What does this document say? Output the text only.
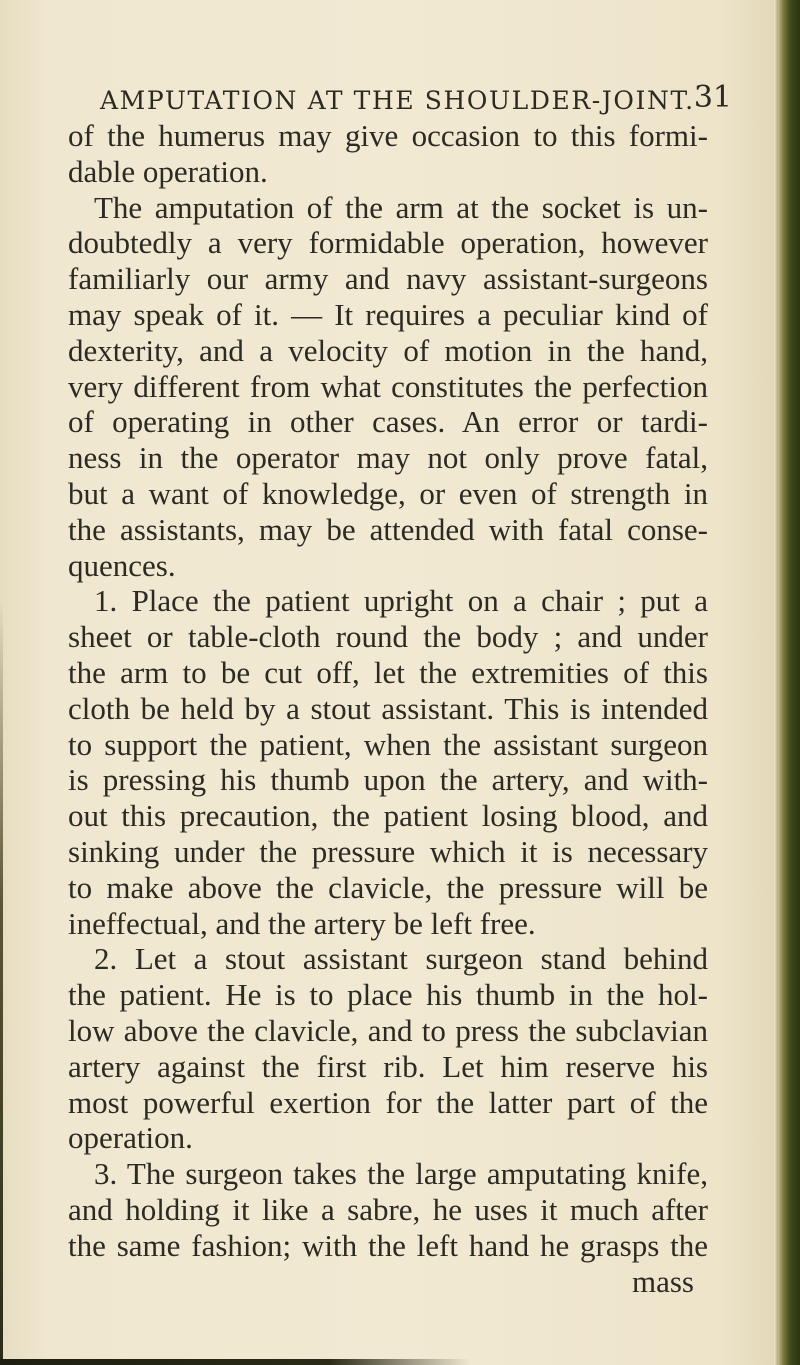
AMPUTATION AT THE SHOULDER-JOINT. 31
of the humerus may give occasion to this formi-
dable operation.
The amputation of the arm at the socket is un-
doubtedly a very formidable operation, however
familiarly our army and navy assistant-surgeons
may speak of it. — It requires a peculiar kind of
dexterity, and a velocity of motion in the hand,
very different from what constitutes the perfection
of operating in other cases. An error or tardi-
ness in the operator may not only prove fatal,
but a want of knowledge, or even of strength in
the assistants, may be attended with fatal conse-
quences.
1. Place the patient upright on a chair ; put a
sheet or table-cloth round the body ; and under
the arm to be cut off, let the extremities of this
cloth be held by a stout assistant. This is intended
to support the patient, when the assistant surgeon
is pressing his thumb upon the artery, and with-
out this precaution, the patient losing blood, and
sinking under the pressure which it is necessary
to make above the clavicle, the pressure will be
ineffectual, and the artery be left free.
2. Let a stout assistant surgeon stand behind
the patient. He is to place his thumb in the hol-
low above the clavicle, and to press the subclavian
artery against the first rib. Let him reserve his
most powerful exertion for the latter part of the
operation.
3. The surgeon takes the large amputating knife,
and holding it like a sabre, he uses it much after
the same fashion; with the left hand he grasps the
mass
